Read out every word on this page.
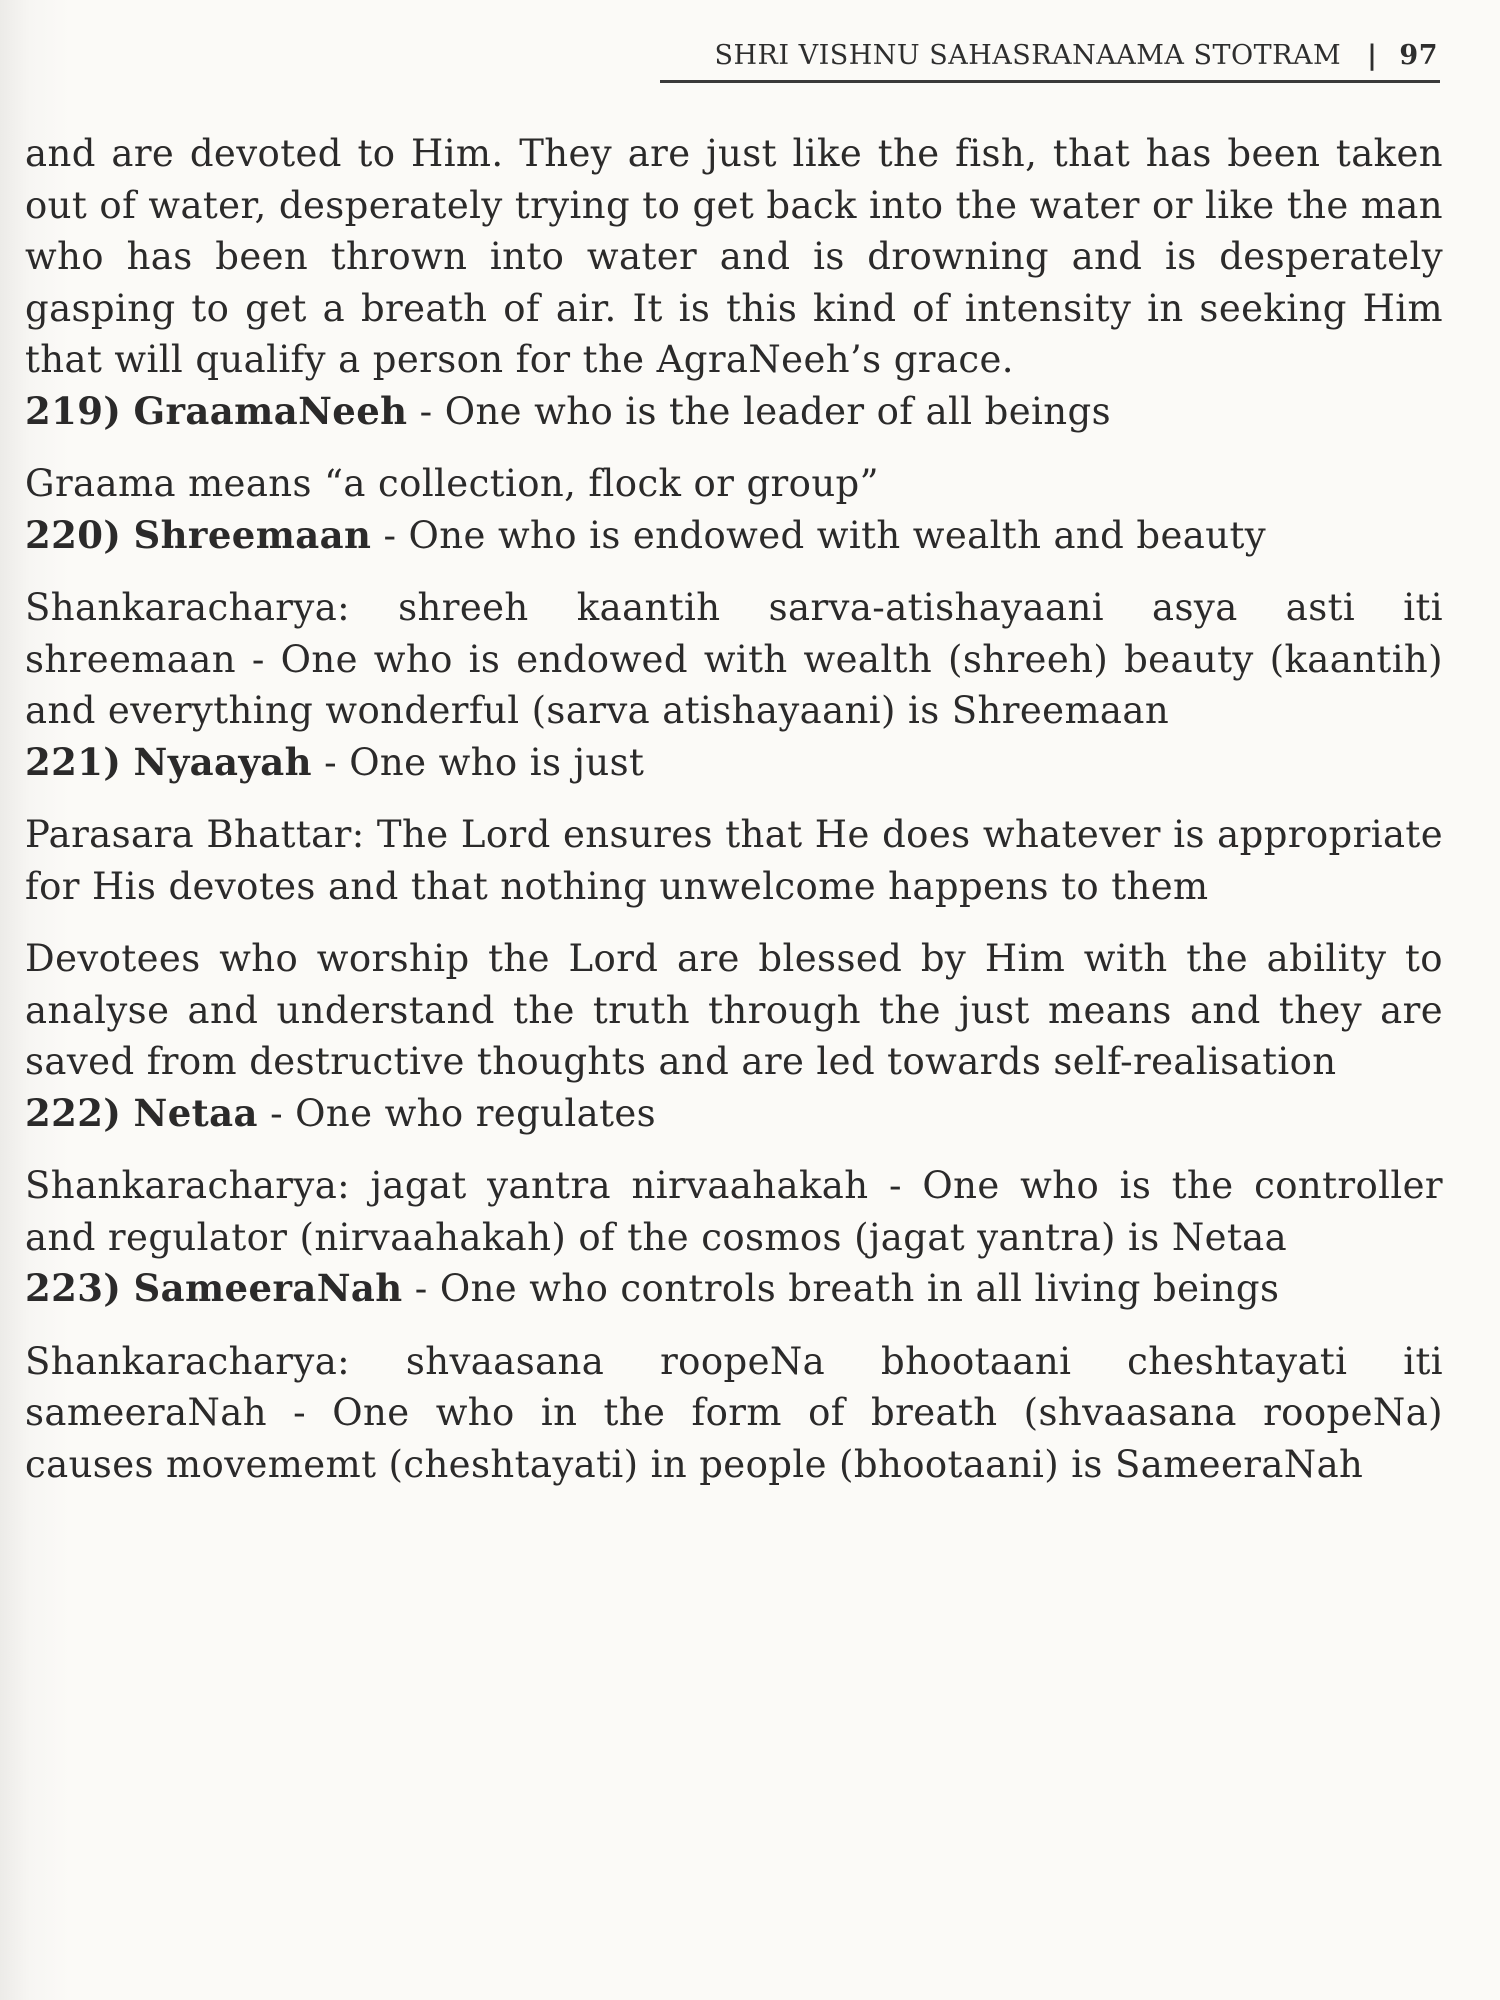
SHRI VISHNU SAHASRANAAMA STOTRAM | 97

and are devoted to Him. They are just like the fish, that has been taken out of water, desperately trying to get back into the water or like the man who has been thrown into water and is drowning and is desperately gasping to get a breath of air. It is this kind of intensity in seeking Him that will qualify a person for the AgraNeeh’s grace.

219) GraamaNeeh - One who is the leader of all beings

Graama means “a collection, flock or group”

220) Shreemaan - One who is endowed with wealth and beauty

Shankaracharya: shreeh kaantih sarva-atishayaani asya asti iti shreemaan - One who is endowed with wealth (shreeh) beauty (kaantih) and everything wonderful (sarva atishayaani) is Shreemaan

221) Nyaayah - One who is just

Parasara Bhattar: The Lord ensures that He does whatever is appropriate for His devotes and that nothing unwelcome happens to them

Devotees who worship the Lord are blessed by Him with the ability to analyse and understand the truth through the just means and they are saved from destructive thoughts and are led towards self-realisation

222) Netaa - One who regulates

Shankaracharya: jagat yantra nirvaahakah - One who is the controller and regulator (nirvaahakah) of the cosmos (jagat yantra) is Netaa

223) SameeraNah - One who controls breath in all living beings

Shankaracharya: shvaasana roopeNa bhootaani cheshtayati iti sameeraNah - One who in the form of breath (shvaasana roopeNa) causes movememt (cheshtayati) in people (bhootaani) is SameeraNah
